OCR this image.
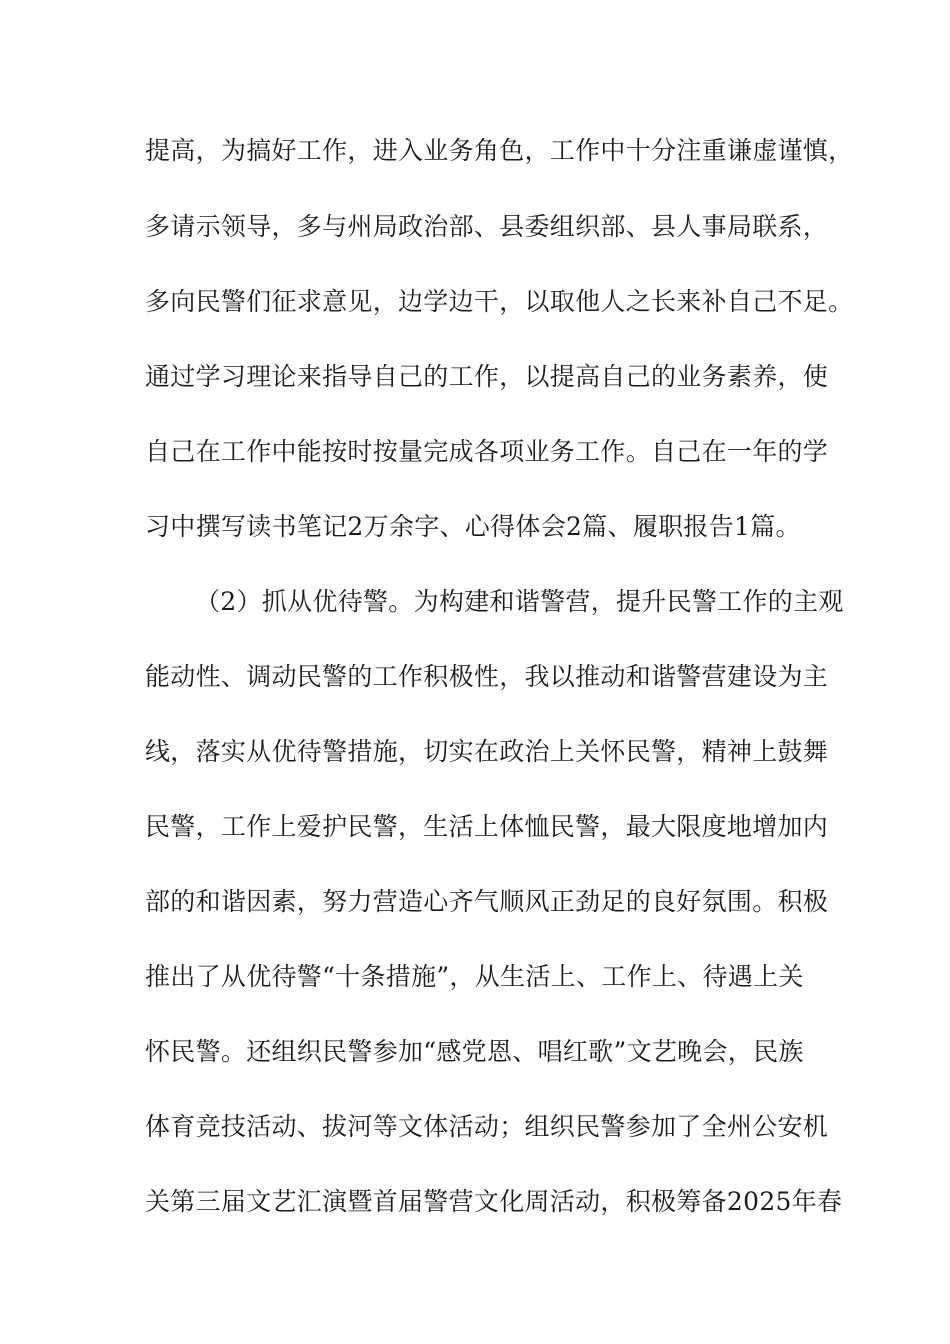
提高，为搞好工作，进入业务角色，工作中十分注重谦虚谨慎，
多请示领导，多与州局政治部、县委组织部、县人事局联系，
多向民警们征求意见，边学边干，以取他人之长来补自己不足。
通过学习理论来指导自己的工作，以提高自己的业务素养，使
自己在工作中能按时按量完成各项业务工作。自己在一年的学
习中撰写读书笔记2万余字、心得体会2篇、履职报告1篇。
（2）抓从优待警。为构建和谐警营，提升民警工作的主观
能动性、调动民警的工作积极性，我以推动和谐警营建设为主
线，落实从优待警措施，切实在政治上关怀民警，精神上鼓舞
民警，工作上爱护民警，生活上体恤民警，最大限度地增加内
部的和谐因素，努力营造心齐气顺风正劲足的良好氛围。积极
推出了从优待警“十条措施”，从生活上、工作上、待遇上关
怀民警。还组织民警参加“感党恩、唱红歌”文艺晚会，民族
体育竞技活动、拔河等文体活动；组织民警参加了全州公安机
关第三届文艺汇演暨首届警营文化周活动，积极筹备2025年春
